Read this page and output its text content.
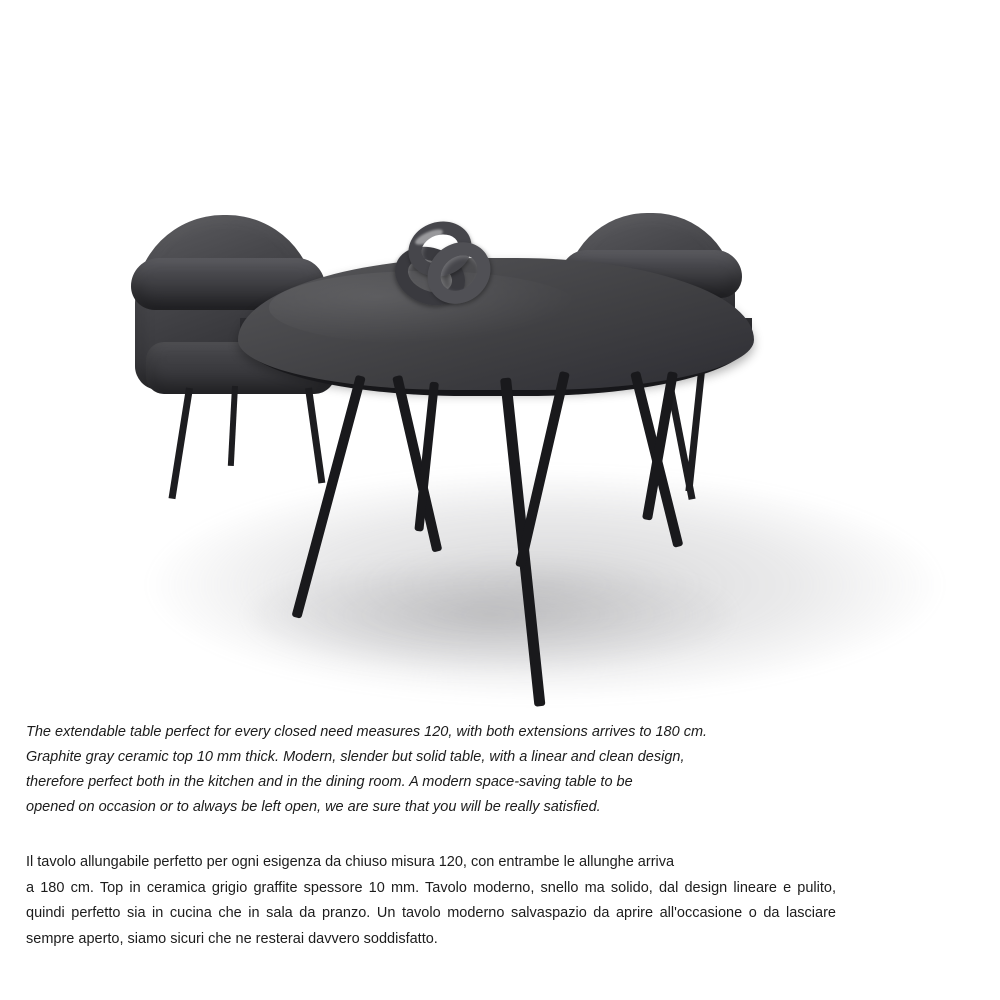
The extendable table perfect for every closed need measures 120, with both extensions arrives to 180 cm.
Graphite gray ceramic top 10 mm thick. Modern, slender but solid table, with a linear and clean design,
therefore perfect both in the kitchen and in the dining room. A modern space-saving table to be
opened on occasion or to always be left open, we are sure that you will be really satisfied.

Il tavolo allungabile perfetto per ogni esigenza da chiuso misura 120, con entrambe le allunghe arriva
a 180 cm. Top in ceramica grigio graffite spessore 10 mm. Tavolo moderno, snello ma solido, dal design lineare e pulito, quindi perfetto sia in cucina che in sala da pranzo. Un tavolo moderno salvaspazio da aprire all'occasione o da lasciare sempre aperto, siamo sicuri che ne resterai davvero soddisfatto.
